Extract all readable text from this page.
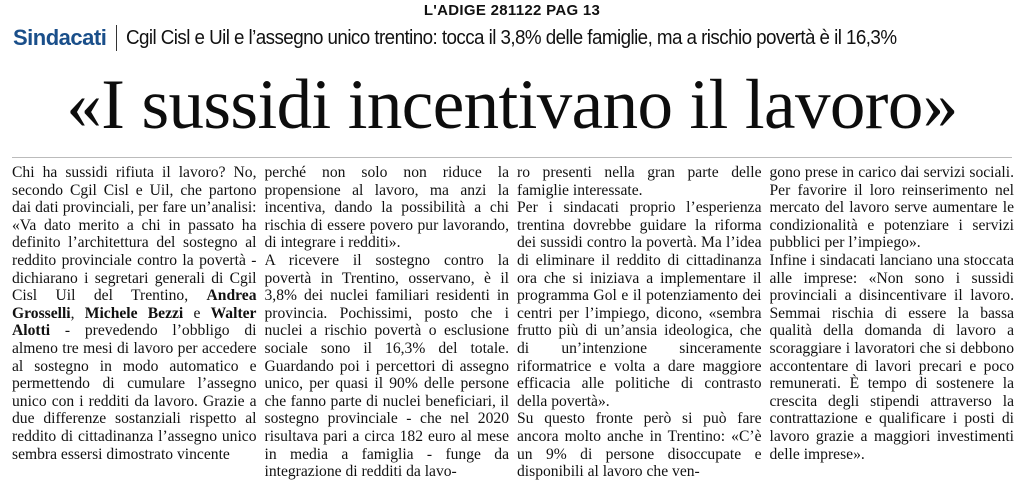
L'ADIGE 281122 PAG 13
Sindacati Cgil Cisl e Uil e l’assegno unico trentino: tocca il 3,8% delle famiglie, ma a rischio povertà è il 16,3%
«I sussidi incentivano il lavoro»

Chi ha sussidi rifiuta il lavoro? No, secondo Cgil Cisl e Uil, che partono dai dati provinciali, per fare un’analisi: «Va dato merito a chi in passato ha definito l’architettura del sostegno al reddito provinciale contro la povertà - dichiarano i segretari generali di Cgil Cisl Uil del Trentino, Andrea Grosselli, Michele Bezzi e Walter Alotti - prevedendo l’obbligo di almeno tre mesi di lavoro per accedere al sostegno in modo automatico e permettendo di cumulare l’assegno unico con i redditi da lavoro. Grazie a due differenze sostanziali rispetto al reddito di cittadinanza l’assegno unico sembra essersi dimostrato vincente

perché non solo non riduce la propensione al lavoro, ma anzi la incentiva, dando la possibilità a chi rischia di essere povero pur lavorando, di integrare i redditi».

A ricevere il sostegno contro la povertà in Trentino, osservano, è il 3,8% dei nuclei familiari residenti in provincia. Pochissimi, posto che i nuclei a rischio povertà o esclusione sociale sono il 16,3% del totale. Guardando poi i percettori di assegno unico, per quasi il 90% delle persone che fanno parte di nuclei beneficiari, il sostegno provinciale - che nel 2020 risultava pari a circa 182 euro al mese in media a famiglia - funge da integrazione di redditi da lavo-

ro presenti nella gran parte delle famiglie interessate.

Per i sindacati proprio l’esperienza trentina dovrebbe guidare la riforma dei sussidi contro la povertà. Ma l’idea di eliminare il reddito di cittadinanza ora che si iniziava a implementare il programma Gol e il potenziamento dei centri per l’impiego, dicono, «sembra frutto più di un’ansia ideologica, che di un’intenzione sinceramente riformatrice e volta a dare maggiore efficacia alle politiche di contrasto della povertà».

Su questo fronte però si può fare ancora molto anche in Trentino: «C’è un 9% di persone disoccupate e disponibili al lavoro che ven-

gono prese in carico dai servizi sociali. Per favorire il loro reinserimento nel mercato del lavoro serve aumentare le condizionalità e potenziare i servizi pubblici per l’impiego».

Infine i sindacati lanciano una stoccata alle imprese: «Non sono i sussidi provinciali a disincentivare il lavoro. Semmai rischia di essere la bassa qualità della domanda di lavoro a scoraggiare i lavoratori che si debbono accontentare di lavori precari e poco remunerati. È tempo di sostenere la crescita degli stipendi attraverso la contrattazione e qualificare i posti di lavoro grazie a maggiori investimenti delle imprese».
